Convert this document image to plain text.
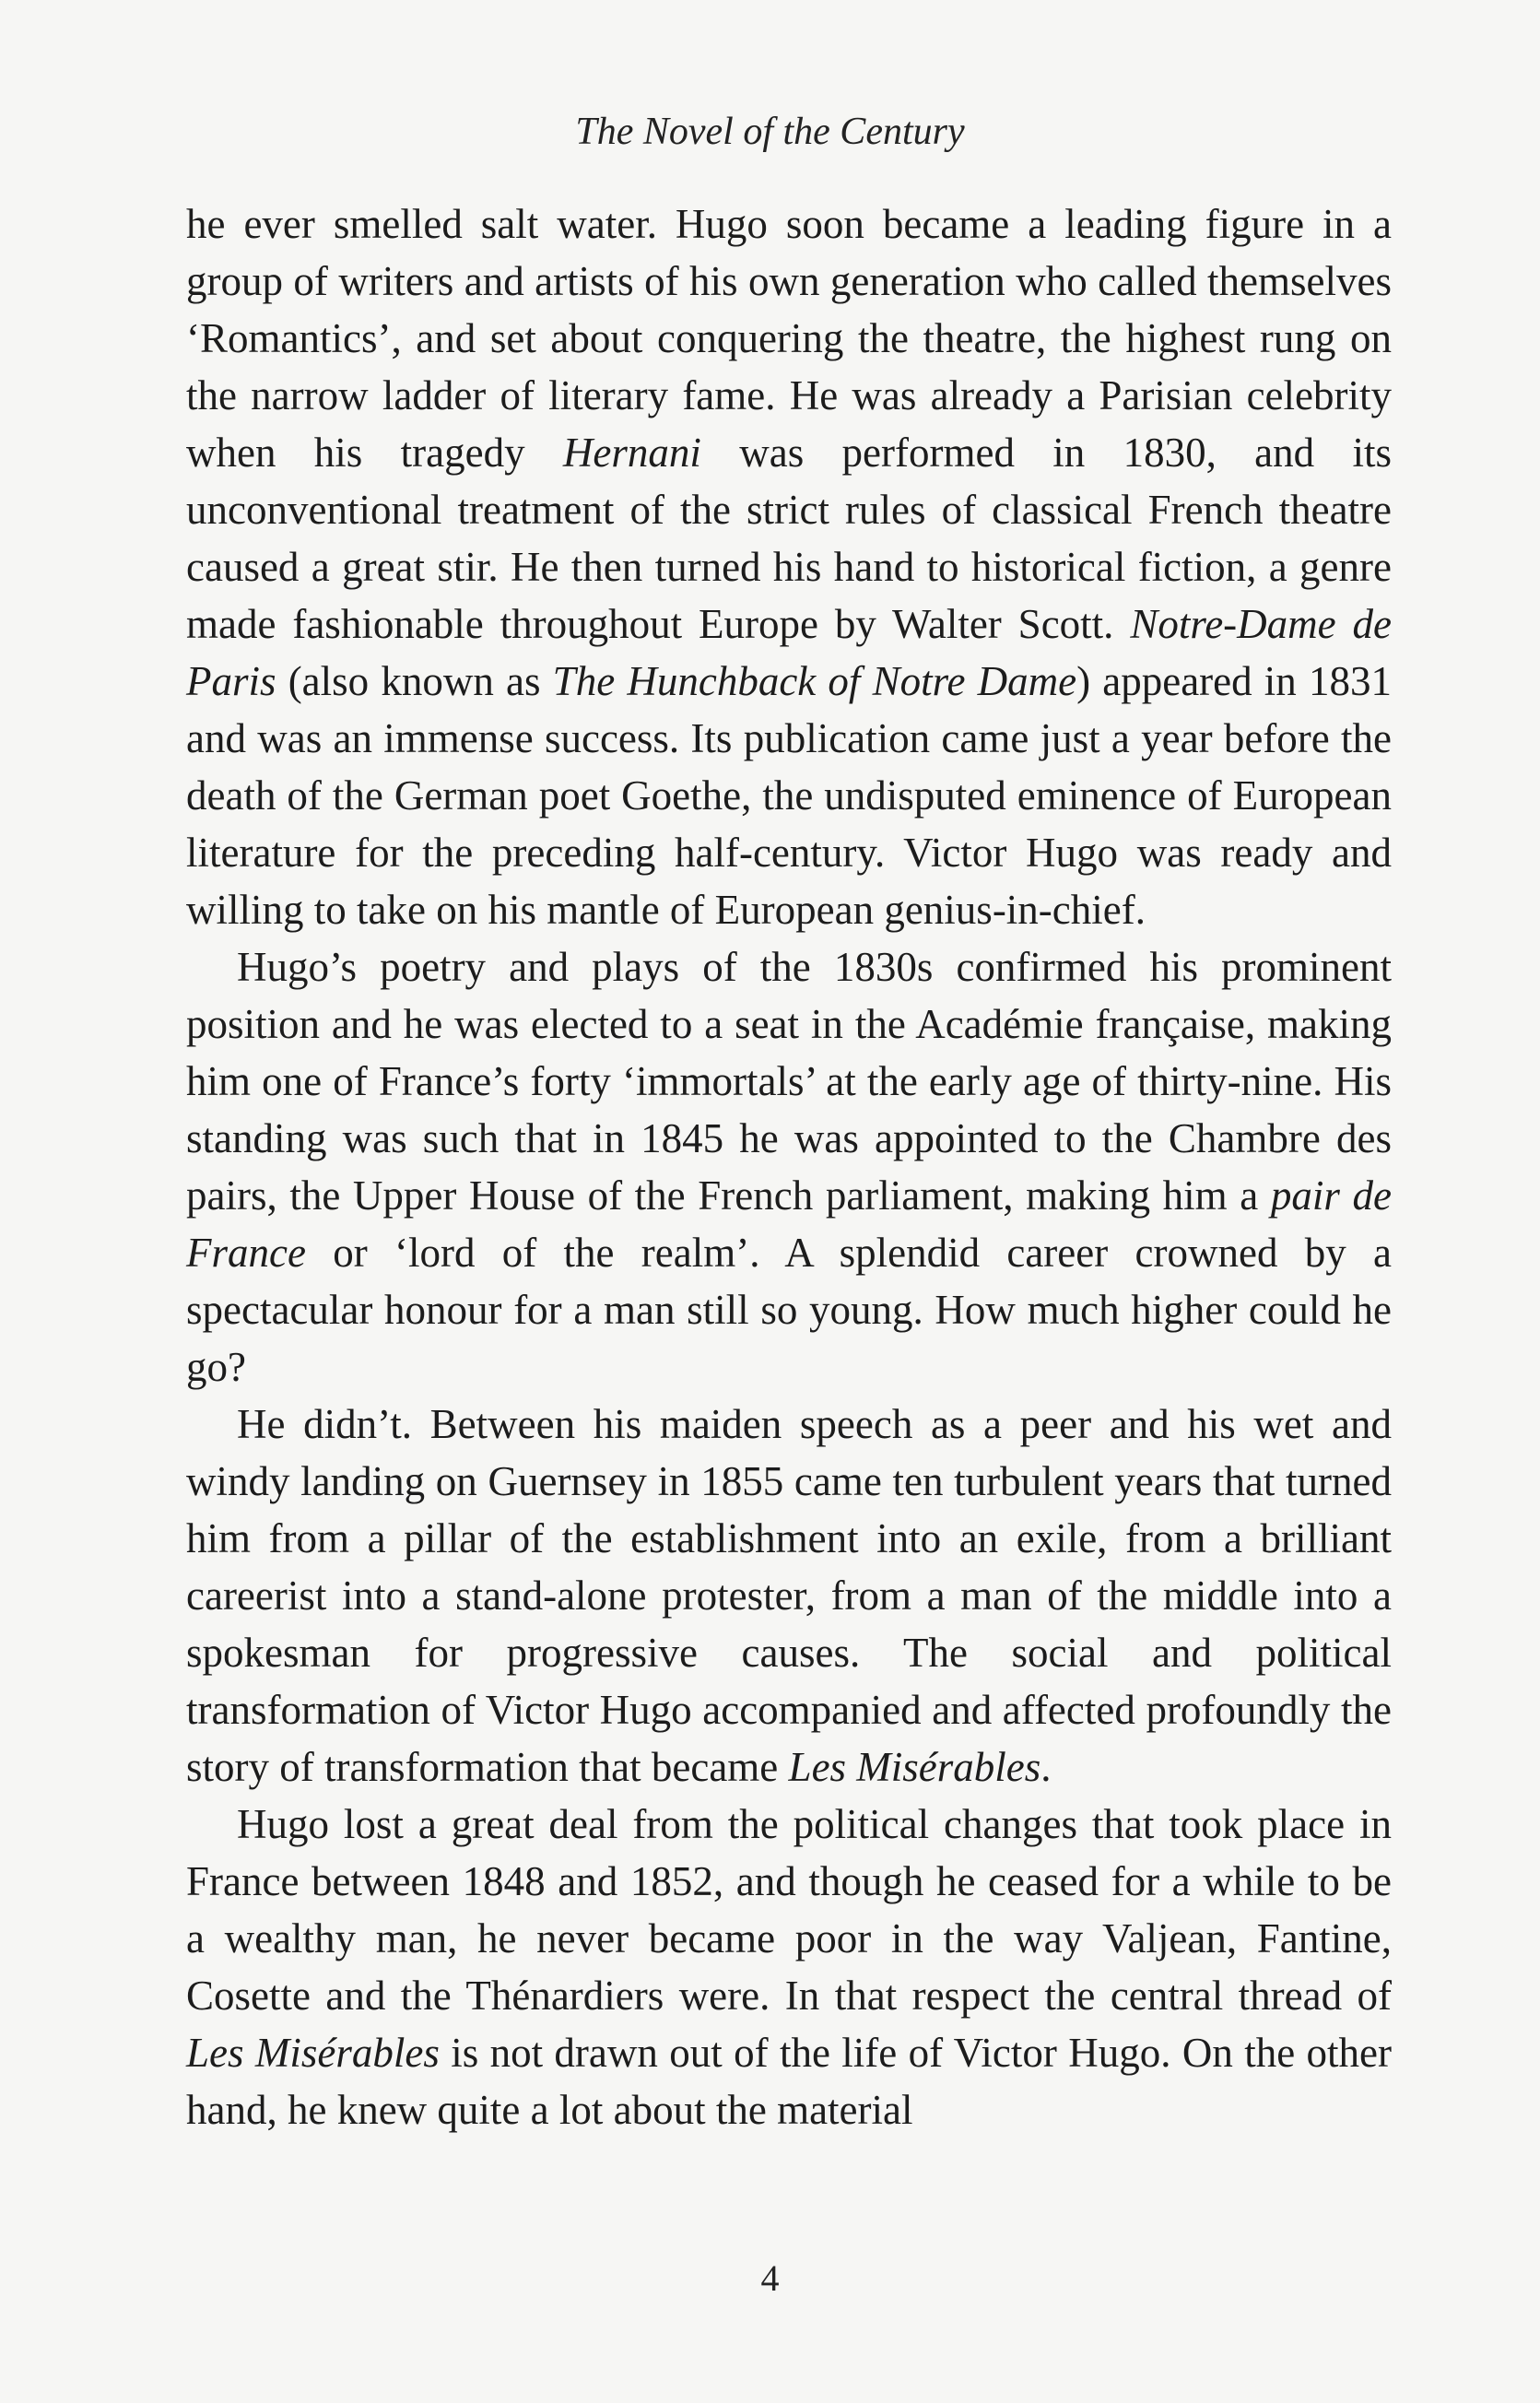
The Novel of the Century

he ever smelled salt water. Hugo soon became a leading figure in a group of writers and artists of his own generation who called themselves ‘Romantics’, and set about conquering the theatre, the highest rung on the narrow ladder of literary fame. He was already a Parisian celebrity when his tragedy Hernani was performed in 1830, and its unconventional treatment of the strict rules of classical French theatre caused a great stir. He then turned his hand to historical fiction, a genre made fashionable throughout Europe by Walter Scott. Notre-Dame de Paris (also known as The Hunchback of Notre Dame) appeared in 1831 and was an immense success. Its publication came just a year before the death of the German poet Goethe, the undisputed eminence of European literature for the preceding half-century. Victor Hugo was ready and willing to take on his mantle of European genius-in-chief.

Hugo’s poetry and plays of the 1830s confirmed his prominent position and he was elected to a seat in the Académie française, making him one of France’s forty ‘immortals’ at the early age of thirty-nine. His standing was such that in 1845 he was appointed to the Chambre des pairs, the Upper House of the French parliament, making him a pair de France or ‘lord of the realm’. A splendid career crowned by a spectacular honour for a man still so young. How much higher could he go?

He didn’t. Between his maiden speech as a peer and his wet and windy landing on Guernsey in 1855 came ten turbulent years that turned him from a pillar of the establishment into an exile, from a brilliant careerist into a stand-alone protester, from a man of the middle into a spokesman for progressive causes. The social and political transformation of Victor Hugo accompanied and affected profoundly the story of transformation that became Les Misérables.

Hugo lost a great deal from the political changes that took place in France between 1848 and 1852, and though he ceased for a while to be a wealthy man, he never became poor in the way Valjean, Fantine, Cosette and the Thénardiers were. In that respect the central thread of Les Misérables is not drawn out of the life of Victor Hugo. On the other hand, he knew quite a lot about the material

4
